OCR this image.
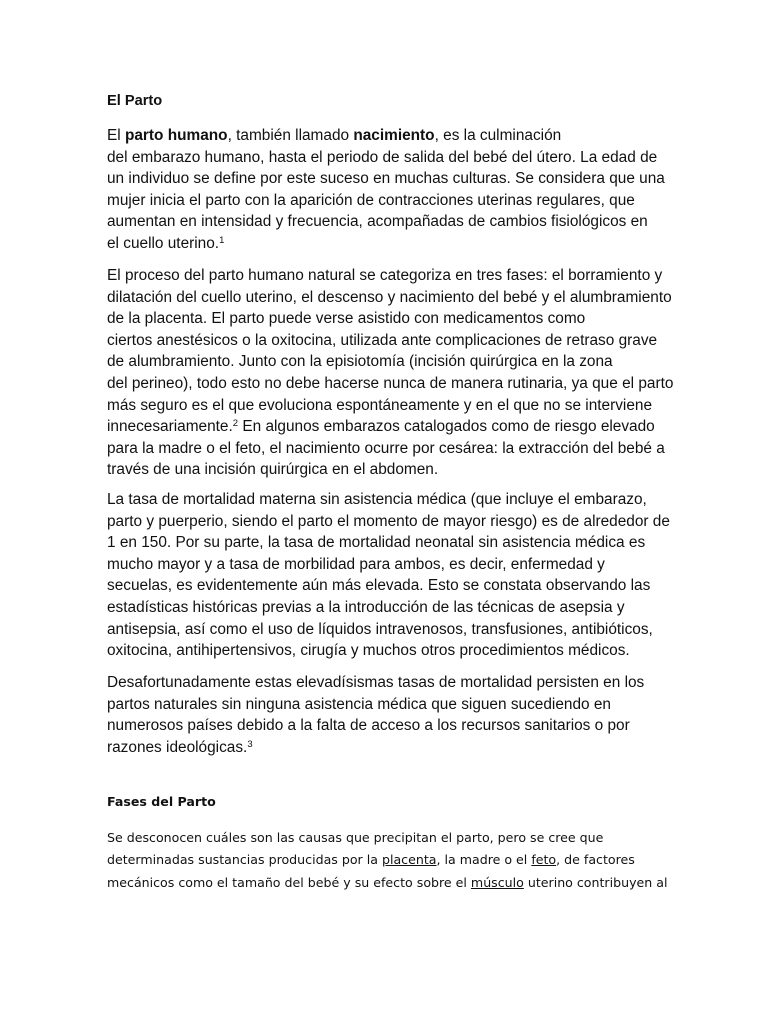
El Parto
El parto humano, también llamado nacimiento, es la culminación
del embarazo humano, hasta el periodo de salida del bebé del útero. La edad de
un individuo se define por este suceso en muchas culturas. Se considera que una
mujer inicia el parto con la aparición de contracciones uterinas regulares, que
aumentan en intensidad y frecuencia, acompañadas de cambios fisiológicos en
el cuello uterino.$^1$
El proceso del parto humano natural se categoriza en tres fases: el borramiento y
dilatación del cuello uterino, el descenso y nacimiento del bebé y el alumbramiento
de la placenta. El parto puede verse asistido con medicamentos como
ciertos anestésicos o la oxitocina, utilizada ante complicaciones de retraso grave
de alumbramiento. Junto con la episiotomía (incisión quirúrgica en la zona
del perineo), todo esto no debe hacerse nunca de manera rutinaria, ya que el parto
más seguro es el que evoluciona espontáneamente y en el que no se interviene
innecesariamente.$^2$ En algunos embarazos catalogados como de riesgo elevado
para la madre o el feto, el nacimiento ocurre por cesárea: la extracción del bebé a
través de una incisión quirúrgica en el abdomen.
La tasa de mortalidad materna sin asistencia médica (que incluye el embarazo,
parto y puerperio, siendo el parto el momento de mayor riesgo) es de alrededor de
1 en 150. Por su parte, la tasa de mortalidad neonatal sin asistencia médica es
mucho mayor y a tasa de morbilidad para ambos, es decir, enfermedad y
secuelas, es evidentemente aún más elevada. Esto se constata observando las
estadísticas históricas previas a la introducción de las técnicas de asepsia y
antisepsia, así como el uso de líquidos intravenosos, transfusiones, antibióticos,
oxitocina, antihipertensivos, cirugía y muchos otros procedimientos médicos.
Desafortunadamente estas elevadísismas tasas de mortalidad persisten en los
partos naturales sin ninguna asistencia médica que siguen sucediendo en
numerosos países debido a la falta de acceso a los recursos sanitarios o por
razones ideológicas.$^3$
Fases del Parto
Se desconocen cuáles son las causas que precipitan el parto, pero se cree que
determinadas sustancias producidas por la placenta, la madre o el feto, de factores
mecánicos como el tamaño del bebé y su efecto sobre el músculo uterino contribuyen al
